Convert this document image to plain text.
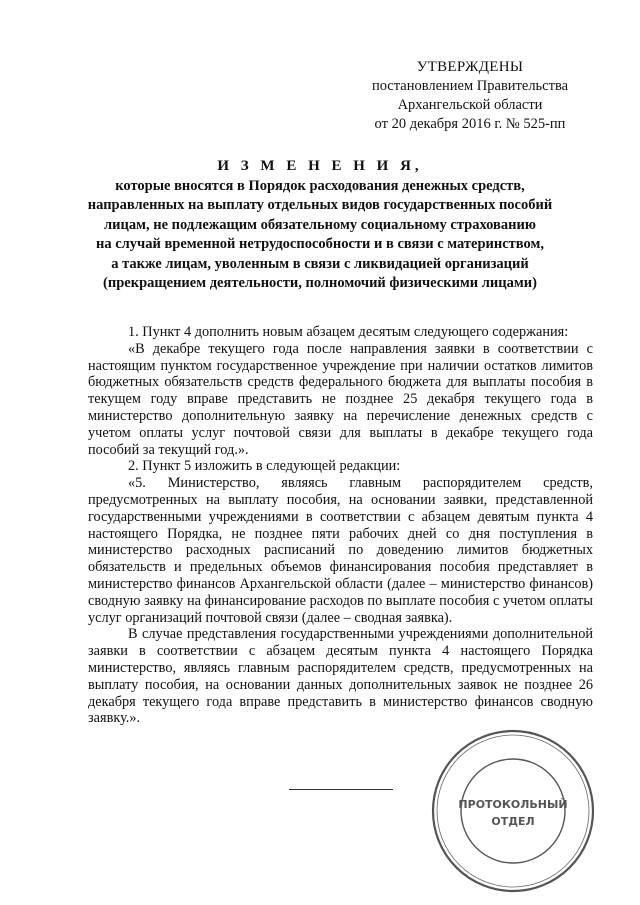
УТВЕРЖДЕНЫ
постановлением Правительства
Архангельской области
от 20 декабря 2016 г. № 525-пп
И З М Е Н Е Н И Я,
которые вносятся в Порядок расходования денежных средств,
направленных на выплату отдельных видов государственных пособий
лицам, не подлежащим обязательному социальному страхованию
на случай временной нетрудоспособности и в связи с материнством,
а также лицам, уволенным в связи с ликвидацией организаций
(прекращением деятельности, полномочий физическими лицами)

1. Пункт 4 дополнить новым абзацем десятым следующего содержания:

«В декабре текущего года после направления заявки в соответствии с настоящим пунктом государственное учреждение при наличии остатков лимитов бюджетных обязательств средств федерального бюджета для выплаты пособия в текущем году вправе представить не позднее 25 декабря текущего года в министерство дополнительную заявку на перечисление денежных средств с учетом оплаты услуг почтовой связи для выплаты в декабре текущего года пособий за текущий год.».

2. Пункт 5 изложить в следующей редакции:

«5. Министерство, являясь главным распорядителем средств, предусмотренных на выплату пособия, на основании заявки, представленной государственными учреждениями в соответствии с абзацем девятым пункта 4 настоящего Порядка, не позднее пяти рабочих дней со дня поступления в министерство расходных расписаний по доведению лимитов бюджетных обязательств и предельных объемов финансирования пособия представляет в министерство финансов Архангельской области (далее – министерство финансов) сводную заявку на финансирование расходов по выплате пособия с учетом оплаты услуг организаций почтовой связи (далее – сводная заявка).

В случае представления государственными учреждениями дополнительной заявки в соответствии с абзацем десятым пункта 4 настоящего Порядка министерство, являясь главным распорядителем средств, предусмотренных на выплату пособия, на основании данных дополнительных заявок не позднее 26 декабря текущего года вправе представить в министерство финансов сводную заявку.».

ПРОТОКОЛЬНЫЙ
ОТДЕЛ
